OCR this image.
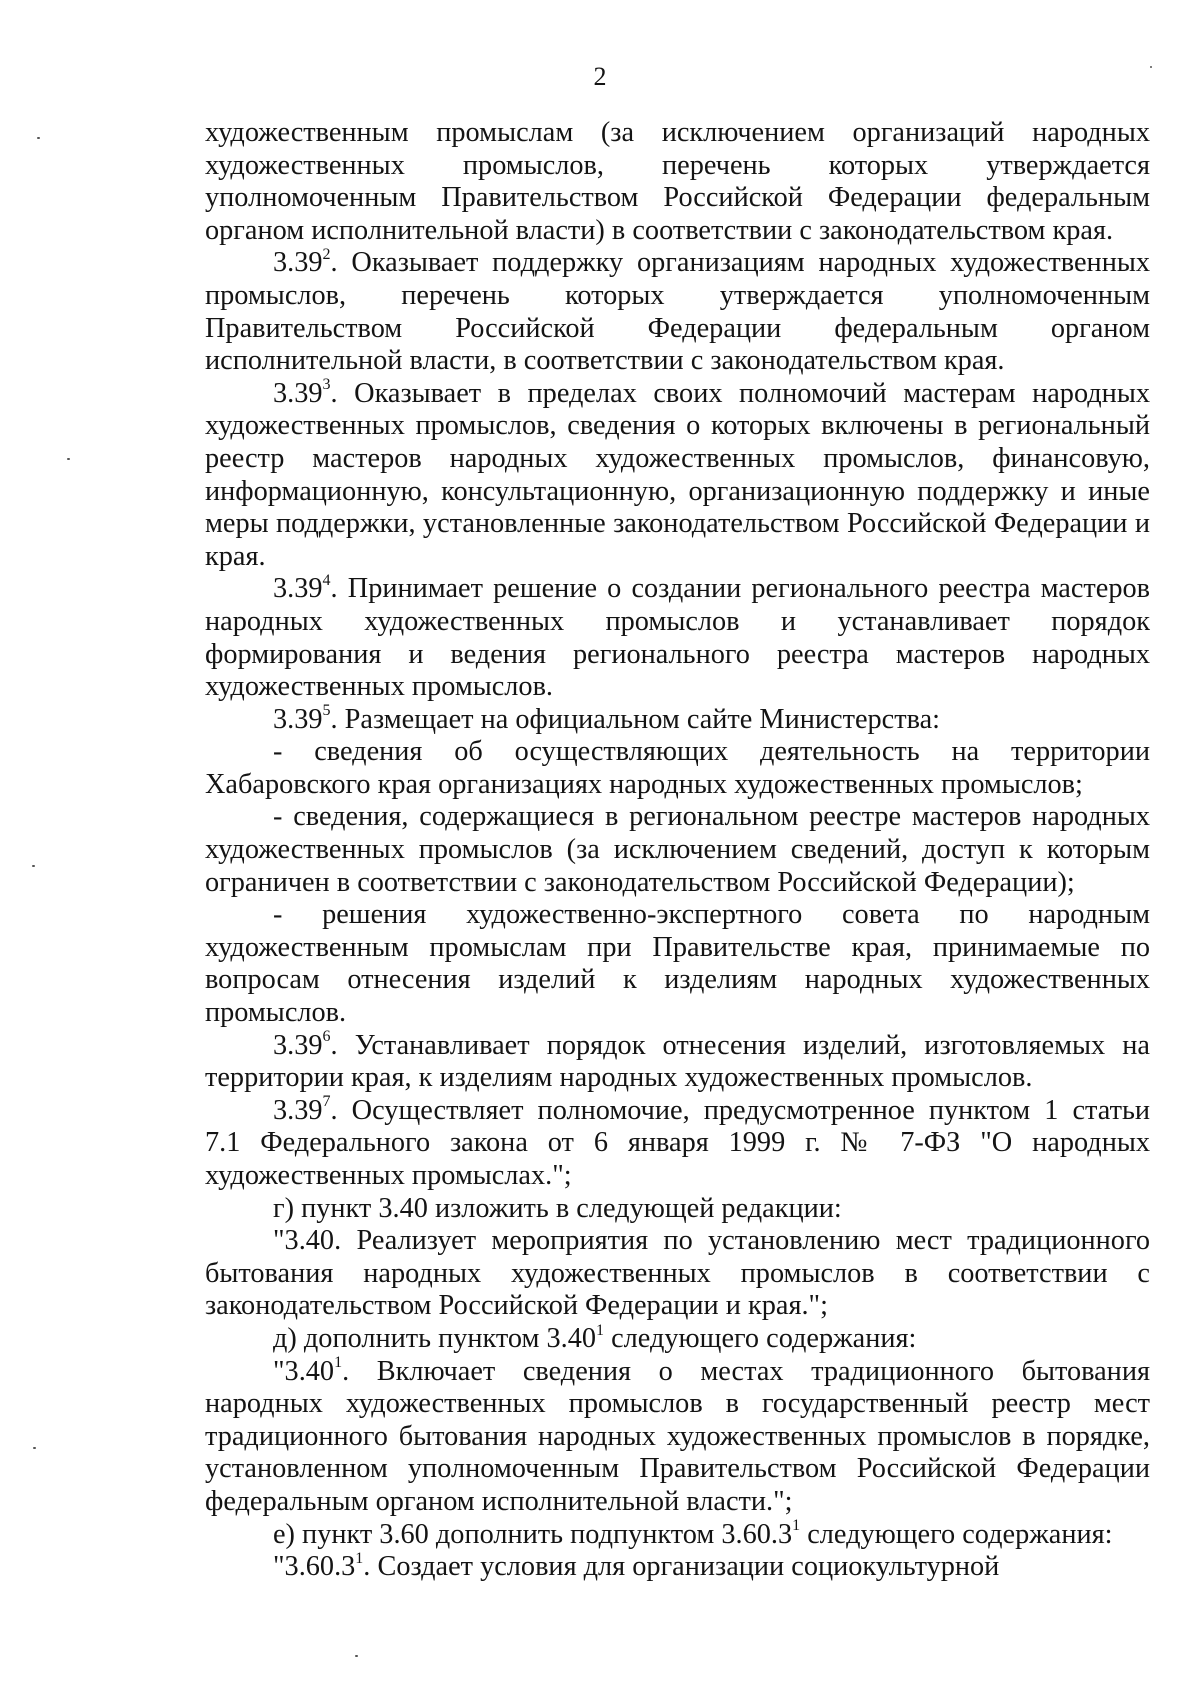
2

художественным промыслам (за исключением организаций народных художественных промыслов, перечень которых утверждается уполномоченным Правительством Российской Федерации федеральным органом исполнительной власти) в соответствии с законодательством края.

3.39$^2$. Оказывает поддержку организациям народных художественных промыслов, перечень которых утверждается уполномоченным Правительством Российской Федерации федеральным органом исполнительной власти, в соответствии с законодательством края.

3.39$^3$. Оказывает в пределах своих полномочий мастерам народных художественных промыслов, сведения о которых включены в региональный реестр мастеров народных художественных промыслов, финансовую, информационную, консультационную, организационную поддержку и иные меры поддержки, установленные законодательством Российской Федерации и края.

3.39$^4$. Принимает решение о создании регионального реестра мастеров народных художественных промыслов и устанавливает порядок формирования и ведения регионального реестра мастеров народных художественных промыслов.

3.39$^5$. Размещает на официальном сайте Министерства:

- сведения об осуществляющих деятельность на территории Хабаровского края организациях народных художественных промыслов;

- сведения, содержащиеся в региональном реестре мастеров народных художественных промыслов (за исключением сведений, доступ к которым ограничен в соответствии с законодательством Российской Федерации);

- решения художественно-экспертного совета по народным художественным промыслам при Правительстве края, принимаемые по вопросам отнесения изделий к изделиям народных художественных промыслов.

3.39$^6$. Устанавливает порядок отнесения изделий, изготовляемых на территории края, к изделиям народных художественных промыслов.

3.39$^7$. Осуществляет полномочие, предусмотренное пунктом 1 статьи 7.1 Федерального закона от 6 января 1999 г. № 7-ФЗ "О народных художественных промыслах.";

г) пункт 3.40 изложить в следующей редакции:

"3.40. Реализует мероприятия по установлению мест традиционного бытования народных художественных промыслов в соответствии с законодательством Российской Федерации и края.";

д) дополнить пунктом 3.40$^1$ следующего содержания:

"3.40$^1$. Включает сведения о местах традиционного бытования народных художественных промыслов в государственный реестр мест традиционного бытования народных художественных промыслов в порядке, установленном уполномоченным Правительством Российской Федерации федеральным органом исполнительной власти.";

е) пункт 3.60 дополнить подпунктом 3.60.3$^1$ следующего содержания:

"3.60.3$^1$. Создает условия для организации социокультурной
